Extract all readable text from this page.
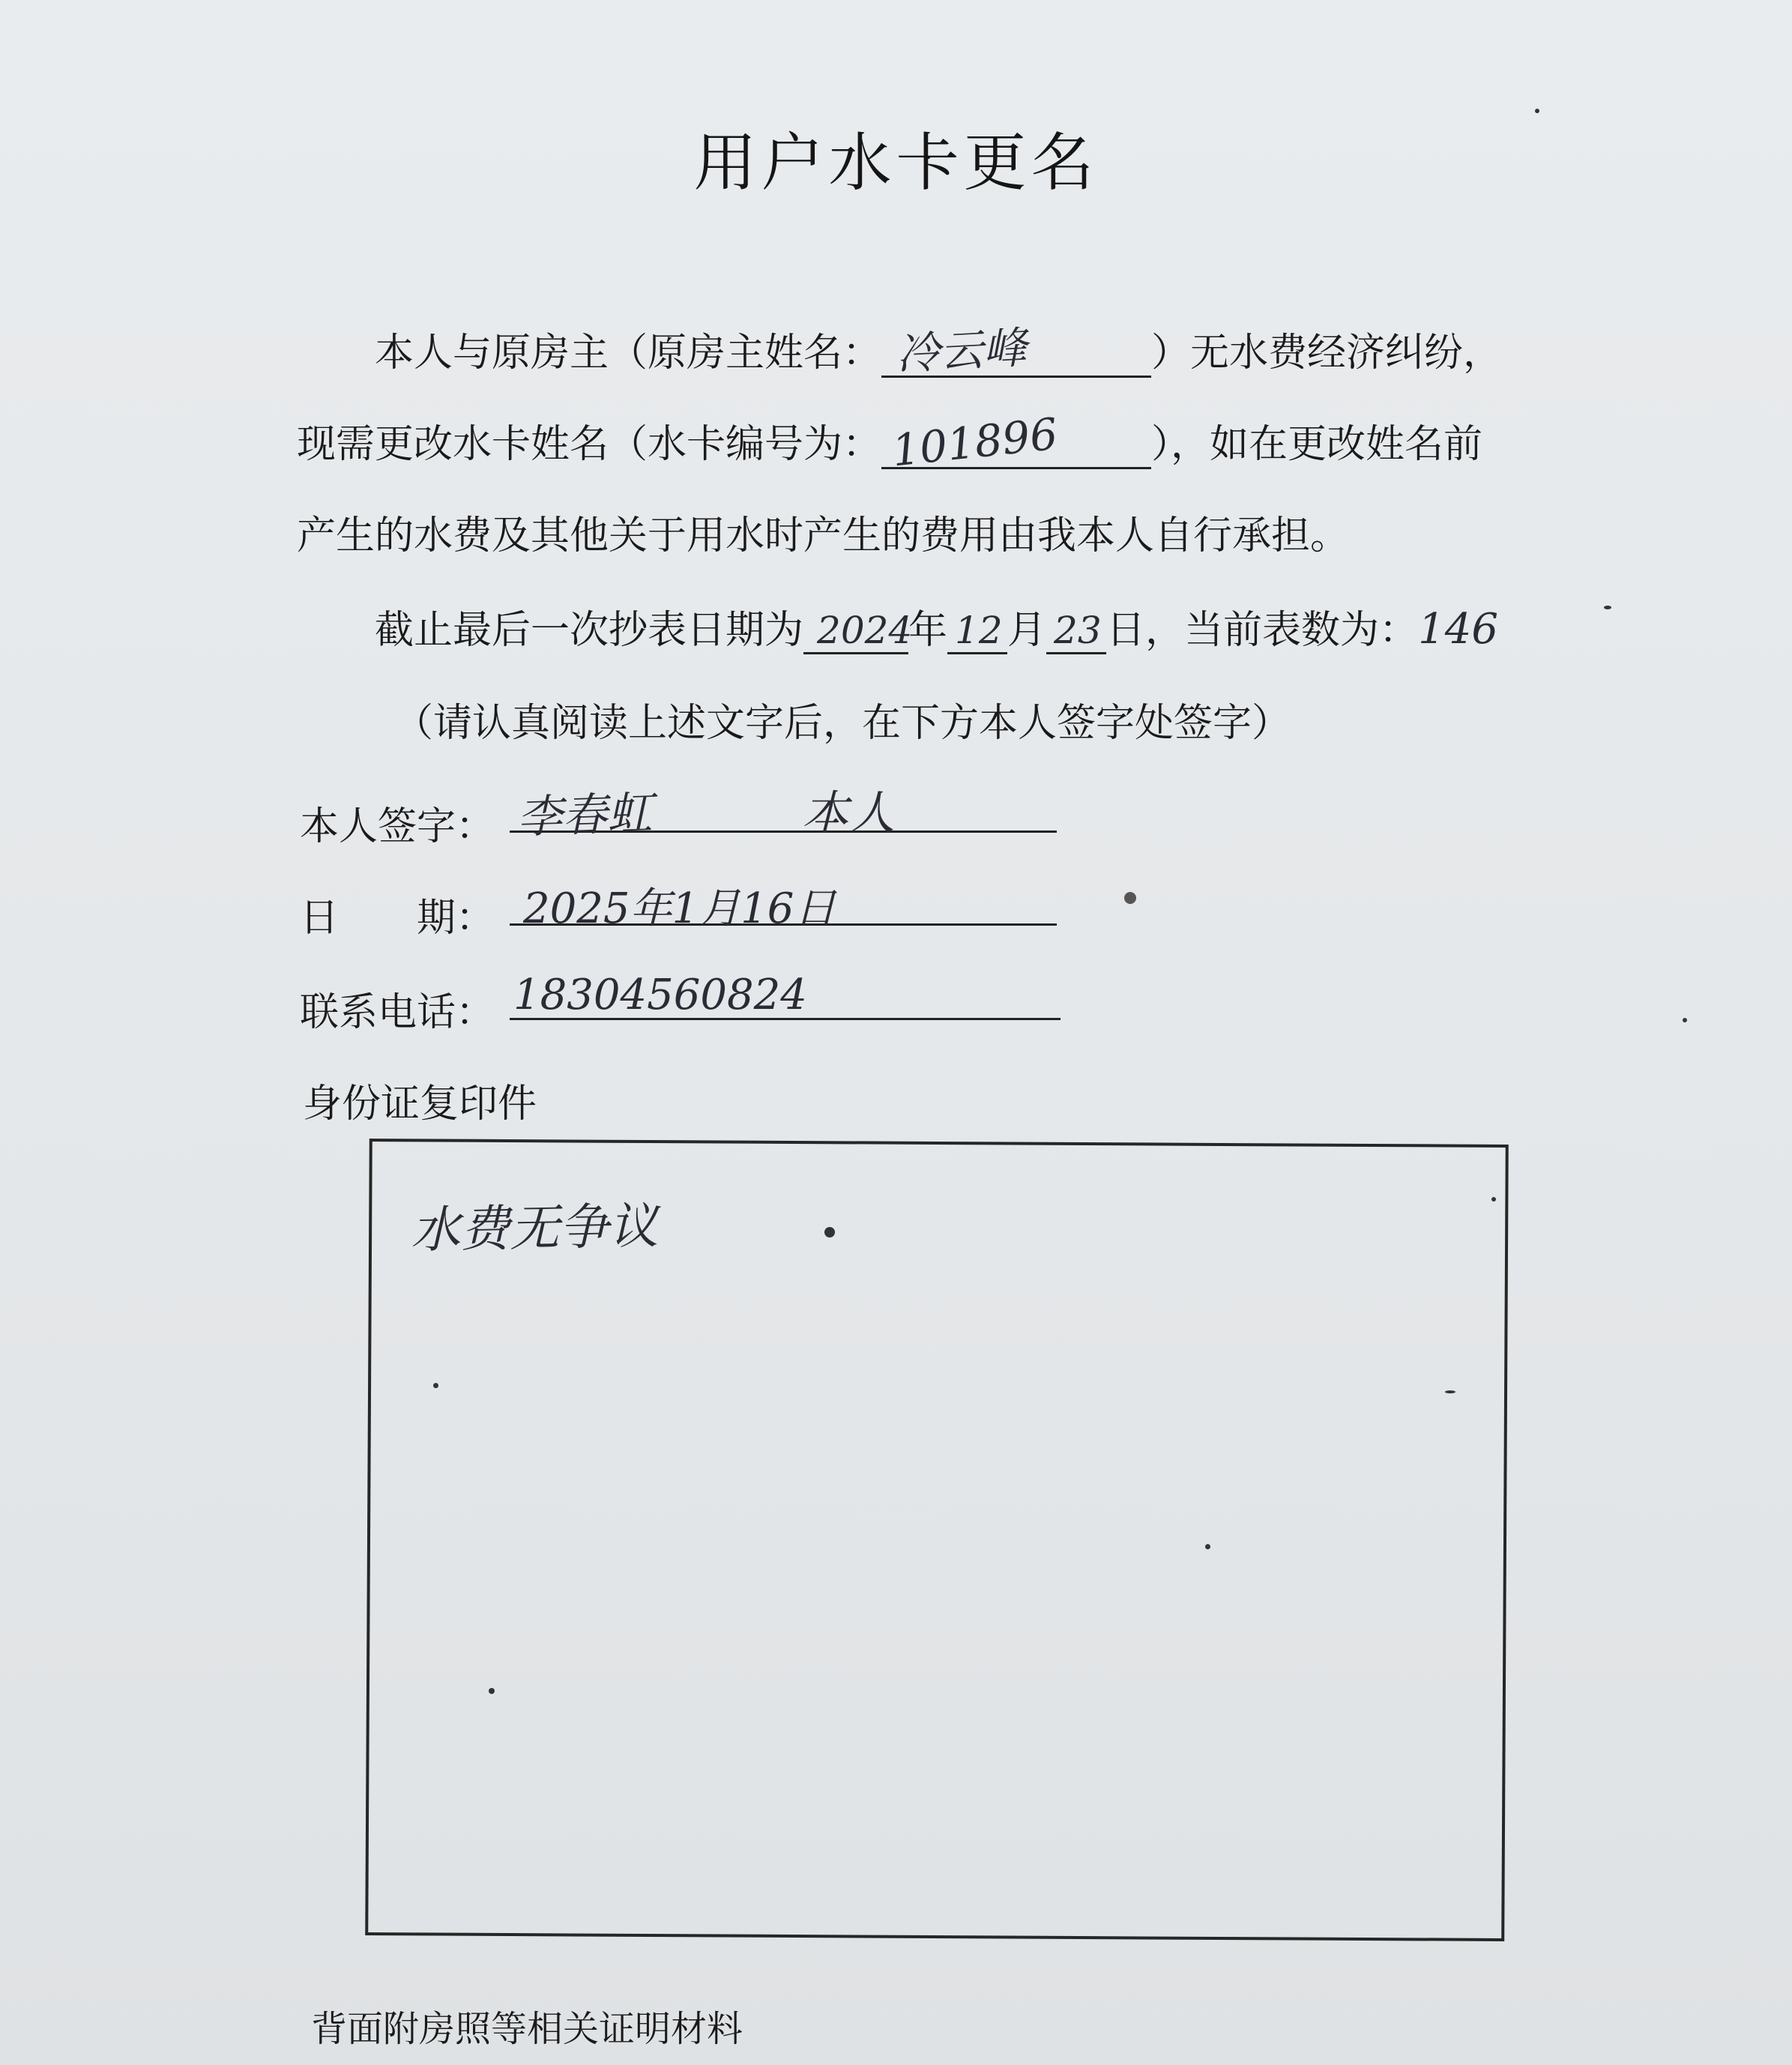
用户水卡更名
本人与原房主（原房主姓名： 冷云峰	）无水费经济纠纷，
现需更改水卡姓名（水卡编号为： 101896 ），如在更改姓名前
产生的水费及其他关于用水时产生的费用由我本人自行承担。
截止最后一次抄表日期为 2024年 12 月 23 日，当前表数为：146
（请认真阅读上述文字后，在下方本人签字处签字）
本人签字： 李春虹	本人
日　　期： 2025年1月16日
联系电话： 18304560824
身份证复印件
水费无争议
背面附房照等相关证明材料
